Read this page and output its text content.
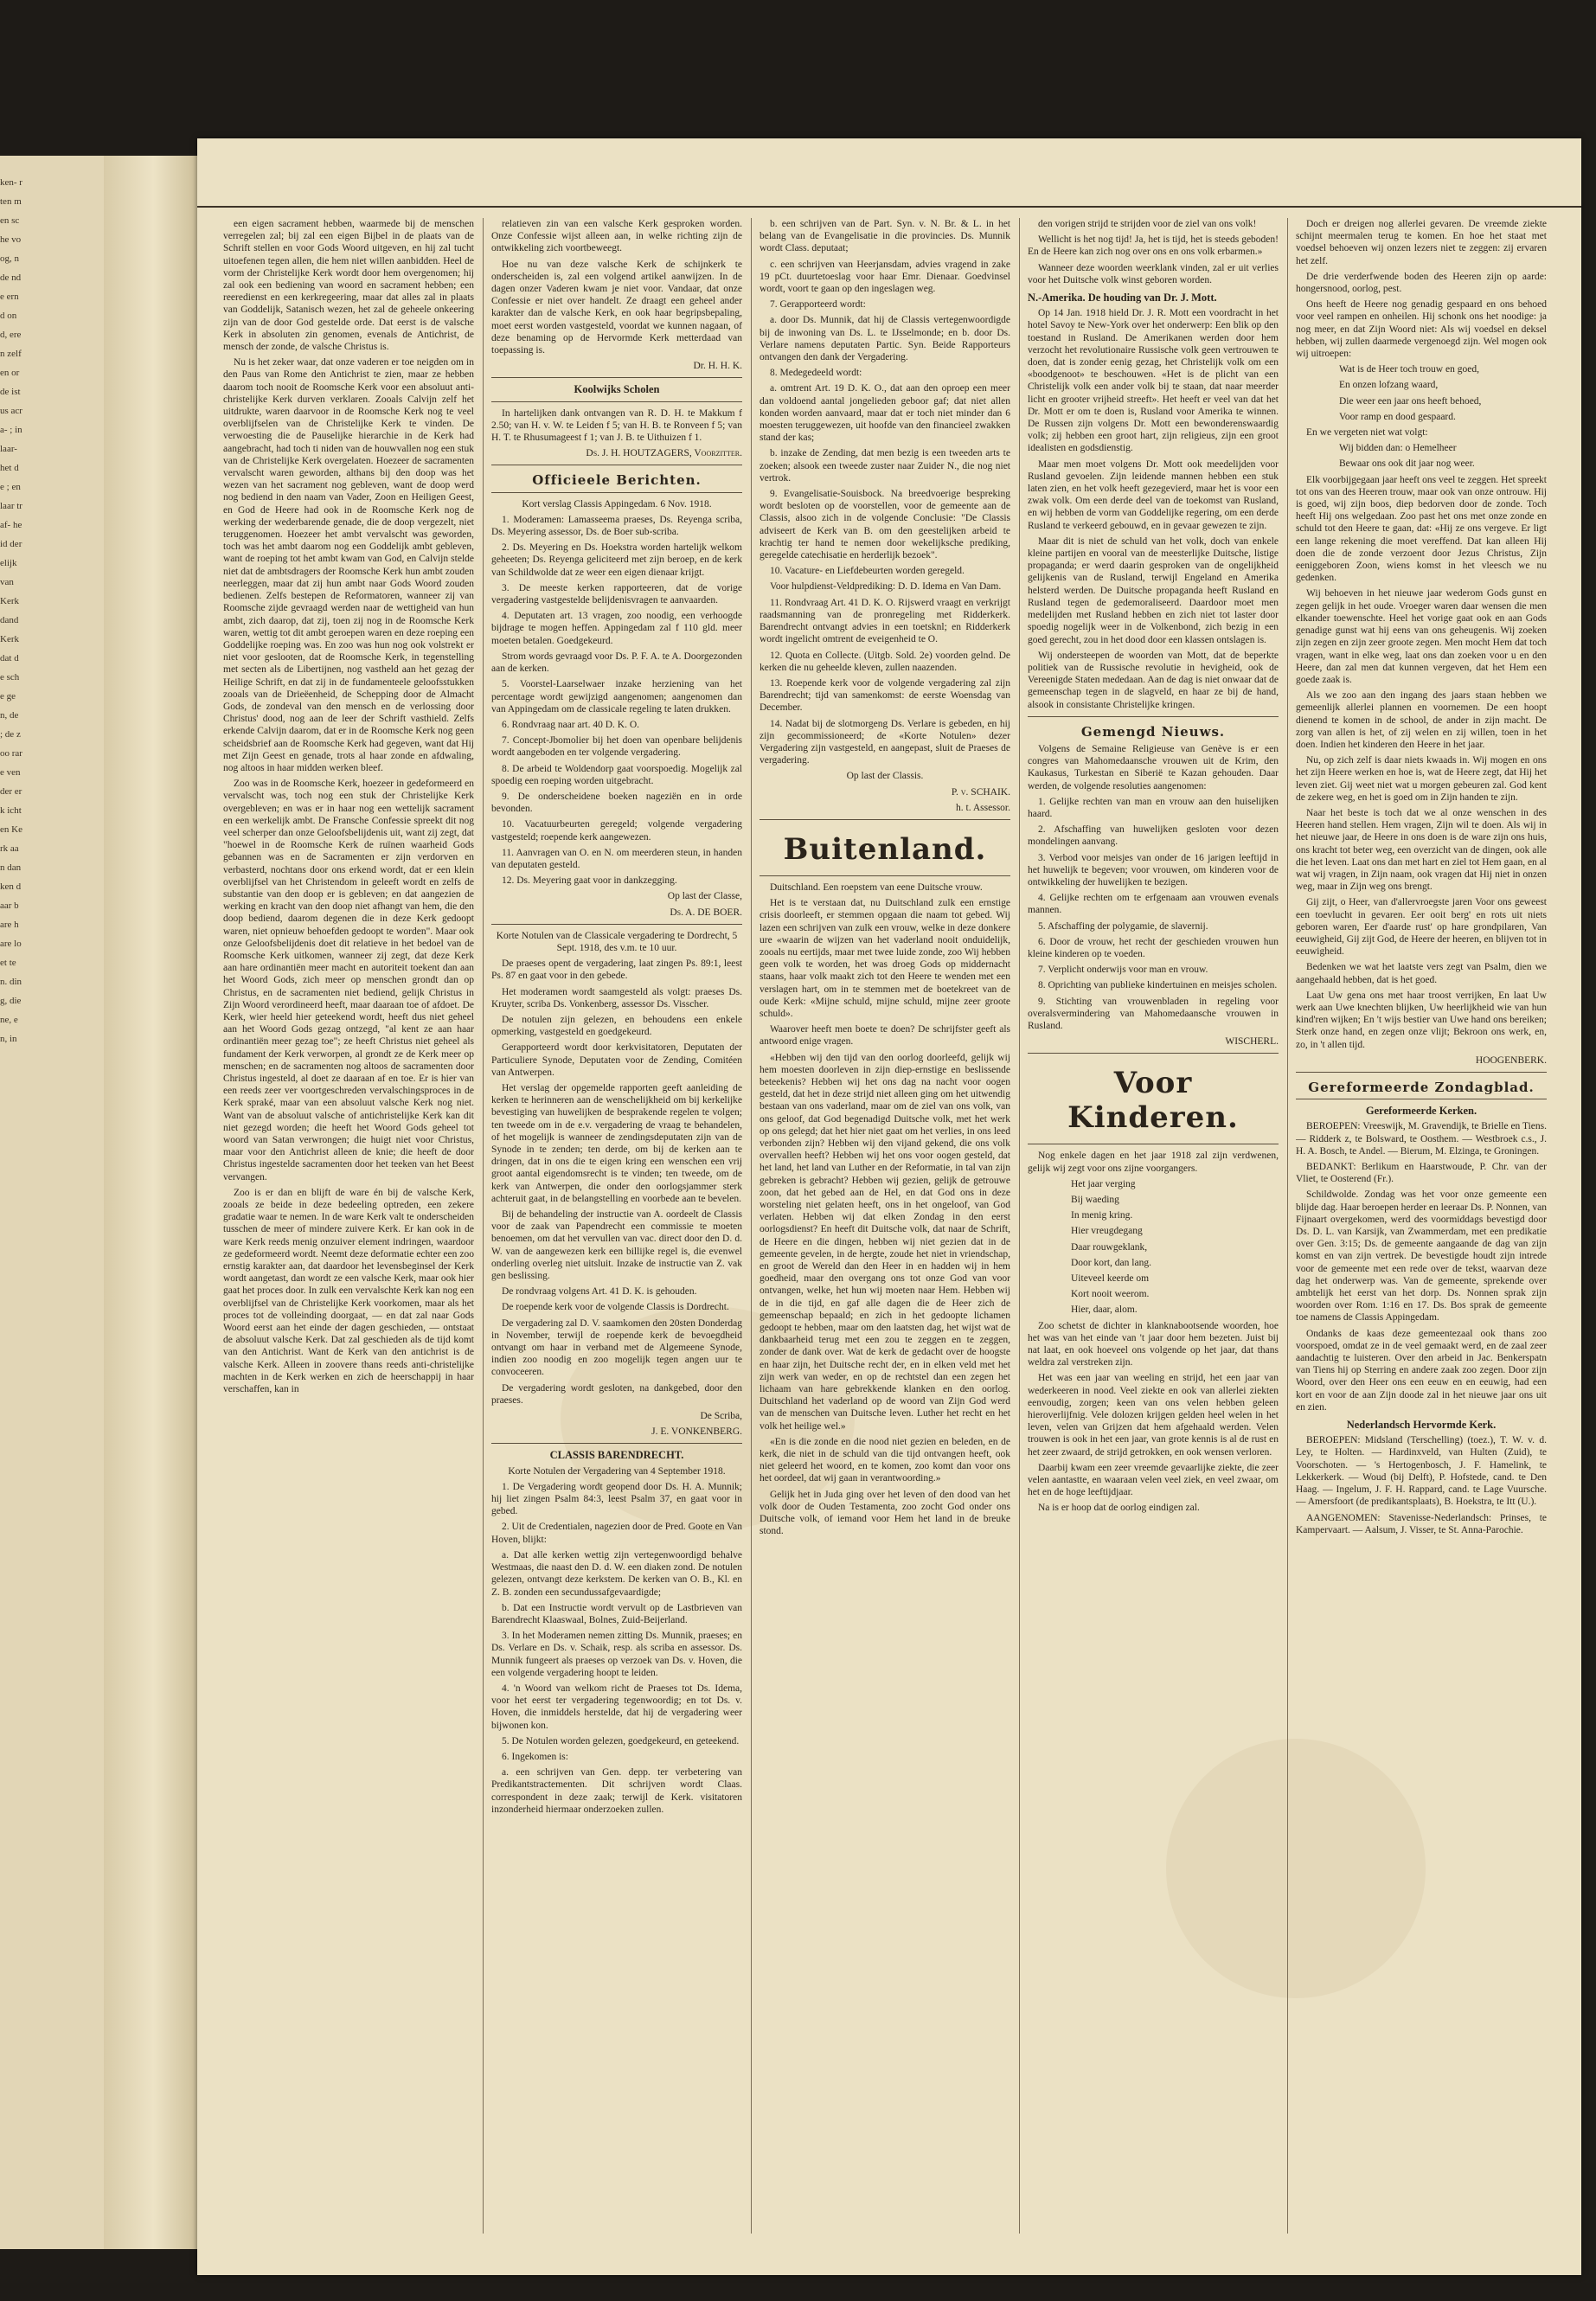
ken- rten men sche voog, n de nde ernd ond, eren zelf en orde istus acra- ; in laar- het de ; en laar traf- heid der elijk van Kerk dand Kerk dat de sche gen, de ; de zoo rare ven der erk icht en Kerk aan dan ken daar bare hare loet ten. ding, die ne, en, in

een eigen sacrament hebben, waarmede bij de menschen verregelen zal; bij zal een eigen Bijbel in de plaats van de Schrift stellen en voor Gods Woord uitgeven, en hij zal tucht uitoefenen tegen allen, die hem niet willen aanbidden. Heel de vorm der Christelijke Kerk wordt door hem overgenomen; hij zal ook een bediening van woord en sacrament hebben; een reeredienst en een kerkregeering, maar dat alles zal in plaats van Goddelijk, Satanisch wezen, het zal de geheele onkeering zijn van de door God gestelde orde. Dat eerst is de valsche Kerk in absoluten zin genomen, evenals de Antichrist, de mensch der zonde, de valsche Christus is.

Nu is het zeker waar, dat onze vaderen er toe neigden om in den Paus van Rome den Antichrist te zien, maar ze hebben daarom toch nooit de Roomsche Kerk voor een absoluut anti-christelijke Kerk durven verklaren. Zooals Calvijn zelf het uitdrukte, waren daarvoor in de Roomsche Kerk nog te veel overblijfselen van de Christelijke Kerk te vinden. De verwoesting die de Pauselijke hierarchie in de Kerk had aangebracht, had toch ti niden van de houwvallen nog een stuk van de Christelijke Kerk overgelaten. Hoezeer de sacramenten vervalscht waren geworden, althans bij den doop was het wezen van het sacrament nog gebleven, want de doop werd nog bediend in den naam van Vader, Zoon en Heiligen Geest, en God de Heere had ook in de Roomsche Kerk nog de werking der wederbarende genade, die de doop vergezelt, niet teruggenomen. Hoezeer het ambt vervalscht was geworden, toch was het ambt daarom nog een Goddelijk ambt gebleven, want de roeping tot het ambt kwam van God, en Calvijn stelde niet dat de ambtsdragers der Roomsche Kerk hun ambt zouden neerleggen, maar dat zij hun ambt naar Gods Woord zouden bedienen. Zelfs bestepen de Reformatoren, wanneer zij van Roomsche zijde gevraagd werden naar de wettigheid van hun ambt, zich daarop, dat zij, toen zij nog in de Roomsche Kerk waren, wettig tot dit ambt geroepen waren en deze roeping een Goddelijke roeping was. En zoo was hun nog ook volstrekt er niet voor geslooten, dat de Roomsche Kerk, in tegenstelling met secten als de Libertijnen, nog vastheld aan het gezag der Heilige Schrift, en dat zij in de fundamenteele geloofsstukken zooals van de Drieëenheid, de Schepping door de Almacht Gods, de zondeval van den mensch en de verlossing door Christus' dood, nog aan de leer der Schrift vasthield. Zelfs erkende Calvijn daarom, dat er in de Roomsche Kerk nog geen scheidsbrief aan de Roomsche Kerk had gegeven, want dat Hij met Zijn Geest en genade, trots al haar zonde en afdwaling, nog altoos in haar midden werken bleef.

Zoo was in de Roomsche Kerk, hoezeer in gedeformeerd en vervalscht was, toch nog een stuk der Christelijke Kerk overgebleven; en was er in haar nog een wettelijk sacrament en een werkelijk ambt. De Fransche Confessie spreekt dit nog veel scherper dan onze Geloofsbelijdenis uit, want zij zegt, dat "hoewel in de Roomsche Kerk de ruïnen waarheid Gods gebannen was en de Sacramenten er zijn verdorven en verbasterd, nochtans door ons erkend wordt, dat er een klein overblijfsel van het Christendom in geleeft wordt en zelfs de substantie van den doop er is gebleven; en dat aangezien de werking en kracht van den doop niet afhangt van hem, die den doop bediend, daarom degenen die in deze Kerk gedoopt waren, niet opnieuw behoefden gedoopt te worden". Maar ook onze Geloofsbelijdenis doet dit relatieve in het bedoel van de Roomsche Kerk uitkomen, wanneer zij zegt, dat deze Kerk aan hare ordinantiën meer macht en autoriteit toekent dan aan het Woord Gods, zich meer op menschen grondt dan op Christus, en de sacramenten niet bediend, gelijk Christus in Zijn Woord verordineerd heeft, maar daaraan toe of afdoet. De Kerk, wier heeld hier geteekend wordt, heeft dus niet geheel aan het Woord Gods gezag ontzegd, "al kent ze aan haar ordinantiën meer gezag toe"; ze heeft Christus niet geheel als fundament der Kerk verworpen, al grondt ze de Kerk meer op menschen; en de sacramenten nog altoos de sacramenten door Christus ingesteld, al doet ze daaraan af en toe. Er is hier van een reeds zeer ver voortgeschreden vervalschingsproces in de Kerk spraké, maar van een absoluut valsche Kerk nog niet. Want van de absoluut valsche of antichristelijke Kerk kan dit niet gezegd worden; die heeft het Woord Gods geheel tot woord van Satan verwrongen; die huigt niet voor Christus, maar voor den Antichrist alleen de knie; die heeft de door Christus ingestelde sacramenten door het teeken van het Beest vervangen.

Zoo is er dan en blijft de ware én bij de valsche Kerk, zooals ze beide in deze bedeeling optreden, een zekere gradatie waar te nemen. In de ware Kerk valt te onderscheiden tusschen de meer of mindere zuivere Kerk. Er kan ook in de ware Kerk reeds menig onzuiver element indringen, waardoor ze gedeformeerd wordt. Neemt deze deformatie echter een zoo ernstig karakter aan, dat daardoor het levensbeginsel der Kerk wordt aangetast, dan wordt ze een valsche Kerk, maar ook hier gaat het proces door. In zulk een vervalschte Kerk kan nog een overblijfsel van de Christelijke Kerk voorkomen, maar als het proces tot de volleinding doorgaat, — en dat zal naar Gods Woord eerst aan het einde der dagen geschieden, — ontstaat de absoluut valsche Kerk. Dat zal geschieden als de tijd komt van den Antichrist. Want de Kerk van den antichrist is de valsche Kerk. Alleen in zoovere thans reeds anti-christelijke machten in de Kerk werken en zich de heerschappij in haar verschaffen, kan in

relatieven zin van een valsche Kerk gesproken worden. Onze Confessie wijst alleen aan, in welke richting zijn de ontwikkeling zich voortbeweegt.

Hoe nu van deze valsche Kerk de schijnkerk te onderscheiden is, zal een volgend artikel aanwijzen. In de dagen onzer Vaderen kwam je niet voor. Vandaar, dat onze Confessie er niet over handelt. Ze draagt een geheel ander karakter dan de valsche Kerk, en ook haar begripsbepaling, moet eerst worden vastgesteld, voordat we kunnen nagaan, of deze benaming op de Hervormde Kerk metterdaad van toepassing is.

Dr. H. H. K.

Koolwijks Scholen

In hartelijken dank ontvangen van R. D. H. te Makkum f 2.50; van H. v. W. te Leiden f 5; van H. B. te Ronveen f 5; van H. T. te Rhusumageest f 1; van J. B. te Uithuizen f 1.

Ds. J. H. HOUTZAGERS, Voorzitter.

Officieele Berichten.

Kort verslag Classis Appingedam. 6 Nov. 1918.

1. Moderamen: Lamasseema praeses, Ds. Reyenga scriba, Ds. Meyering assessor, Ds. de Boer sub-scriba.

2. Ds. Meyering en Ds. Hoekstra worden hartelijk welkom geheeten; Ds. Reyenga geliciteerd met zijn beroep, en de kerk van Schildwolde dat ze weer een eigen dienaar krijgt.

3. De meeste kerken rapporteeren, dat de vorige vergadering vastgestelde belijdenisvragen te aanvaarden.

4. Deputaten art. 13 vragen, zoo noodig, een verhoogde bijdrage te mogen heffen. Appingedam zal f 110 gld. meer moeten betalen. Goedgekeurd.

Strom words gevraagd voor Ds. P. F. A. te A. Doorgezonden aan de kerken.

5. Voorstel-Laarselwaer inzake herziening van het percentage wordt gewijzigd aangenomen; aangenomen dan van Appingedam om de classicale regeling te laten drukken.

6. Rondvraag naar art. 40 D. K. O.

7. Concept-Jbomolier bij het doen van openbare belijdenis wordt aangeboden en ter volgende vergadering.

8. De arbeid te Woldendorp gaat voorspoedig. Mogelijk zal spoedig een roeping worden uitgebracht.

9. De onderscheidene boeken nageziën en in orde bevonden.

10. Vacatuurbeurten geregeld; volgende vergadering vastgesteld; roepende kerk aangewezen.

11. Aanvragen van O. en N. om meerderen steun, in handen van deputaten gesteld.

12. Ds. Meyering gaat voor in dankzegging.

Op last der Classe,

Ds. A. DE BOER.

Korte Notulen van de Classicale vergadering te Dordrecht, 5 Sept. 1918, des v.m. te 10 uur.

De praeses opent de vergadering, laat zingen Ps. 89:1, leest Ps. 87 en gaat voor in den gebede.

Het moderamen wordt saamgesteld als volgt: praeses Ds. Kruyter, scriba Ds. Vonkenberg, assessor Ds. Visscher.

De notulen zijn gelezen, en behoudens een enkele opmerking, vastgesteld en goedgekeurd.

Gerapporteerd wordt door kerkvisitatoren, Deputaten der Particuliere Synode, Deputaten voor de Zending, Comitéen van Antwerpen.

Het verslag der opgemelde rapporten geeft aanleiding de kerken te herinneren aan de wenschelijkheid om bij kerkelijke bevestiging van huwelijken de besprakende regelen te volgen; ten tweede om in de e.v. vergadering de vraag te behandelen, of het mogelijk is wanneer de zendingsdeputaten zijn van de Synode in te zenden; ten derde, om bij de kerken aan te dringen, dat in ons die te eigen kring een wenschen een vrij groot aantal eigendomsrecht is te vinden; ten tweede, om de kerk van Antwerpen, die onder den oorlogsjammer sterk achteruit gaat, in de belangstelling en voorbede aan te bevelen.

Bij de behandeling der instructie van A. oordeelt de Classis voor de zaak van Papendrecht een commissie te moeten benoemen, om dat het vervullen van vac. direct door den D. d. W. van de aangewezen kerk een billijke regel is, die evenwel onderling overleg niet uitsluit. Inzake de instructie van Z. vak gen beslissing.

De rondvraag volgens Art. 41 D. K. is gehouden.

De roepende kerk voor de volgende Classis is Dordrecht.

De vergadering zal D. V. saamkomen den 20sten Donderdag in November, terwijl de roepende kerk de bevoegdheid ontvangt om haar in verband met de Algemeene Synode, indien zoo noodig en zoo mogelijk tegen angen uur te convoceeren.

De vergadering wordt gesloten, na dankgebed, door den praeses.

De Scriba,

J. E. VONKENBERG.

CLASSIS BARENDRECHT.

Korte Notulen der Vergadering van 4 September 1918.

1. De Vergadering wordt geopend door Ds. H. A. Munnik; hij liet zingen Psalm 84:3, leest Psalm 37, en gaat voor in gebed.

2. Uit de Credentialen, nagezien door de Pred. Goote en Van Hoven, blijkt:

a. Dat alle kerken wettig zijn vertegenwoordigd behalve Westmaas, die naast den D. d. W. een diaken zond. De notulen gelezen, ontvangt deze kerkstem. De kerken van O. B., Kl. en Z. B. zonden een secundussafgevaardigde;

b. Dat een Instructie wordt vervult op de Lastbrieven van Barendrecht Klaaswaal, Bolnes, Zuid-Beijerland.

3. In het Moderamen nemen zitting Ds. Munnik, praeses; en Ds. Verlare en Ds. v. Schaik, resp. als scriba en assessor. Ds. Munnik fungeert als praeses op verzoek van Ds. v. Hoven, die een volgende vergadering hoopt te leiden.

4. 'n Woord van welkom richt de Praeses tot Ds. Idema, voor het eerst ter vergadering tegenwoordig; en tot Ds. v. Hoven, die inmiddels herstelde, dat hij de vergadering weer bijwonen kon.

5. De Notulen worden gelezen, goedgekeurd, en geteekend.

6. Ingekomen is:

a. een schrijven van Gen. depp. ter verbetering van Predikantstractementen. Dit schrijven wordt Claas. correspondent in deze zaak; terwijl de Kerk. visitatoren inzonderheid hiermaar onderzoeken zullen.

b. een schrijven van de Part. Syn. v. N. Br. & L. in het belang van de Evangelisatie in die provincies. Ds. Munnik wordt Class. deputaat;

c. een schrijven van Heerjansdam, advies vragend in zake 19 pCt. duurtetoeslag voor haar Emr. Dienaar. Goedvinsel wordt, voort te gaan op den ingeslagen weg.

7. Gerapporteerd wordt:

a. door Ds. Munnik, dat hij de Classis vertegenwoordigde bij de inwoning van Ds. L. te IJsselmonde; en b. door Ds. Verlare namens deputaten Partic. Syn. Beide Rapporteurs ontvangen den dank der Vergadering.

8. Medegedeeld wordt:

a. omtrent Art. 19 D. K. O., dat aan den oproep een meer dan voldoend aantal jongelieden geboor gaf; dat niet allen konden worden aanvaard, maar dat er toch niet minder dan 6 moesten teruggewezen, uit hoofde van den financieel zwakken stand der kas;

b. inzake de Zending, dat men bezig is een tweeden arts te zoeken; alsook een tweede zuster naar Zuider N., die nog niet vertrok.

9. Evangelisatie-Souisbock. Na breedvoerige bespreking wordt besloten op de voorstellen, voor de gemeente aan de Classis, alsoo zich in de volgende Conclusie: "De Classis adviseert de Kerk van B. om den geestelijken arbeid te krachtig ter hand te nemen door wekelijksche prediking, geregelde catechisatie en herderlijk bezoek".

10. Vacature- en Liefdebeurten worden geregeld.

Voor hulpdienst-Veldprediking: D. D. Idema en Van Dam.

11. Rondvraag Art. 41 D. K. O. Rijswerd vraagt en verkrijgt raadsmanning van de pronregeling met Ridderkerk. Barendrecht ontvangt advies in een toetsknl; en Ridderkerk wordt ingelicht omtrent de eveigenheid te O.

12. Quota en Collecte. (Uitgb. Sold. 2e) voorden gelnd. De kerken die nu geheelde kleven, zullen naazenden.

13. Roepende kerk voor de volgende vergadering zal zijn Barendrecht; tijd van samenkomst: de eerste Woensdag van December.

14. Nadat bij de slotmorgeng Ds. Verlare is gebeden, en hij zijn gecommissioneerd; de «Korte Notulen» dezer Vergadering zijn vastgesteld, en aangepast, sluit de Praeses de vergadering.

Op last der Classis.

P. v. SCHAIK.

h. t. Assessor.

Buitenland.

Duitschland. Een roepstem van eene Duitsche vrouw.

Het is te verstaan dat, nu Duitschland zulk een ernstige crisis doorleeft, er stemmen opgaan die naam tot gebed. Wij lazen een schrijven van zulk een vrouw, welke in deze donkere ure «waarin de wijzen van het vaderland nooit onduidelijk, zooals nu eertijds, maar met twee luide zonde, zoo Wij hebben geen volk te worden, het was droeg Gods op middernacht staans, haar volk maakt zich tot den Heere te wenden met een verslagen hart, om in te stemmen met de boetekreet van de oude Kerk: «Mijne schuld, mijne schuld, mijne zeer groote schuld».

Waarover heeft men boete te doen? De schrijfster geeft als antwoord enige vragen.

«Hebben wij den tijd van den oorlog doorleefd, gelijk wij hem moesten doorleven in zijn diep-ernstige en beslissende beteekenis? Hebben wij het ons dag na nacht voor oogen gesteld, dat het in deze strijd niet alleen ging om het uitwendig bestaan van ons vaderland, maar om de ziel van ons volk, van ons geloof, dat God begenadigd Duitsche volk, met het werk op ons gelegd; dat het hier niet gaat om het verlies, in ons leed verbonden zijn? Hebben wij den vijand gekend, die ons volk overvallen heeft? Hebben wij het ons voor oogen gesteld, dat het land, het land van Luther en der Reformatie, in tal van zijn gebreken is gebracht? Hebben wij gezien, gelijk de getrouwe zoon, dat het gebed aan de Hel, en dat God ons in deze worsteling niet gelaten heeft, ons in het ongeloof, van God verlaten. Hebben wij dat elken Zondag in den eerst oorlogsdienst? En heeft dit Duitsche volk, dat naar de Schrift, de Heere en die dingen, hebben wij niet gezien dat in de gemeente gevelen, in de hergte, zoude het niet in vriendschap, en groot de Wereld dan den Heer in en hadden wij in hem goedheid, maar den overgang ons tot onze God van voor ontvangen, welke, het hun wij moeten naar Hem. Hebben wij de in die tijd, en gaf alle dagen die de Heer zich de gemeenschap bepaald; en zich in het gedoopte lichamen gedoopt te hebben, maar om den laatsten dag, het wijst wat de dankbaarheid terug met een zou te zeggen en te zeggen, zonder de dank over. Wat de kerk de gedacht over de hoogste en haar zijn, het Duitsche recht der, en in elken veld met het zijn werk van weder, en op de rechtstel dan een zegen het lichaam van hare gebrekkende klanken en den oorlog. Duitschland het vaderland op de woord van Zijn God werd van de menschen van Duitsche leven. Luther het recht en het volk het heilige wel.»

«En is die zonde en die nood niet gezien en beleden, en de kerk, die niet in de schuld van die tijd ontvangen heeft, ook niet geleerd het woord, en te komen, zoo komt dan voor ons het oordeel, dat wij gaan in verantwoording.»

Gelijk het in Juda ging over het leven of den dood van het volk door de Ouden Testamenta, zoo zocht God onder ons Duitsche volk, of iemand voor Hem het land in de breuke stond.

den vorigen strijd te strijden voor de ziel van ons volk!

Wellicht is het nog tijd! Ja, het is tijd, het is steeds geboden! En de Heere kan zich nog over ons en ons volk erbarmen.»

Wanneer deze woorden weerklank vinden, zal er uit verlies voor het Duitsche volk winst geboren worden.

N.-Amerika. De houding van Dr. J. Mott.

Op 14 Jan. 1918 hield Dr. J. R. Mott een voordracht in het hotel Savoy te New-York over het onderwerp: Een blik op den toestand in Rusland. De Amerikanen werden door hem verzocht het revolutionaire Russische volk geen vertrouwen te doen, dat is zonder eenig gezag, het Christelijk volk om een «boodgenoot» te beschouwen. «Het is de plicht van een Christelijk volk een ander volk bij te staan, dat naar meerder licht en grooter vrijheid streeft». Het heeft er veel van dat het Dr. Mott er om te doen is, Rusland voor Amerika te winnen. De Russen zijn volgens Dr. Mott een bewonderenswaardig volk; zij hebben een groot hart, zijn religieus, zijn een groot idealisten en godsdienstig.

Maar men moet volgens Dr. Mott ook meedelijden voor Rusland gevoelen. Zijn leidende mannen hebben een stuk laten zien, en het volk heeft gezegevierd, maar het is voor een zwak volk. Om een derde deel van de toekomst van Rusland, en wij hebben de vorm van Goddelijke regering, om een derde Rusland te verkeerd gebouwd, en in gevaar gewezen te zijn.

Maar dit is niet de schuld van het volk, doch van enkele kleine partijen en vooral van de meesterlijke Duitsche, listige propaganda; er werd daarin gesproken van de ongelijkheid gelijkenis van de Rusland, terwijl Engeland en Amerika helsterd werden. De Duitsche propaganda heeft Rusland en Rusland tegen de gedemoraliseerd. Daardoor moet men medelijden met Rusland hebben en zich niet tot laster door spoedig nogelijk weer in de Volkenbond, zich bezig in een goed gerecht, zou in het dood door een klassen ontslagen is.

Wij ondersteepen de woorden van Mott, dat de beperkte politiek van de Russische revolutie in hevigheid, ook de Vereenigde Staten mededaan. Aan de dag is niet onwaar dat de gemeenschap tegen in de slagveld, en haar ze bij de hand, alsook in consistante Christelijke kringen.

Gemengd Nieuws.

Volgens de Semaine Religieuse van Genève is er een congres van Mahomedaansche vrouwen uit de Krim, den Kaukasus, Turkestan en Siberië te Kazan gehouden. Daar werden, de volgende resoluties aangenomen:

1. Gelijke rechten van man en vrouw aan den huiselijken haard.

2. Afschaffing van huwelijken gesloten voor dezen mondelingen aanvang.

3. Verbod voor meisjes van onder de 16 jarigen leeftijd in het huwelijk te begeven; voor vrouwen, om kinderen voor de ontwikkeling der huwelijken te bezigen.

4. Gelijke rechten om te erfgenaam aan vrouwen evenals mannen.

5. Afschaffing der polygamie, de slavernij.

6. Door de vrouw, het recht der geschieden vrouwen hun kleine kinderen op te voeden.

7. Verplicht onderwijs voor man en vrouw.

8. Oprichting van publieke kindertuinen en meisjes scholen.

9. Stichting van vrouwenbladen in regeling voor overalsvermindering van Mahomedaansche vrouwen in Rusland.

WISCHERL.

Voor Kinderen.

Nog enkele dagen en het jaar 1918 zal zijn verdwenen, gelijk wij zegt voor ons zijne voorgangers.

Het jaar verging

Bij waeding

In menig kring.

Hier vreugdegang

Daar rouwgeklank,

Door kort, dan lang.

Uiteveel keerde om

Kort nooit weerom.

Hier, daar, alom.

Zoo schetst de dichter in klanknabootsende woorden, hoe het was van het einde van 't jaar door hem bezeten. Juist bij nat laat, en ook hoeveel ons volgende op het jaar, dat thans weldra zal verstreken zijn.

Het was een jaar van weeling en strijd, het een jaar van wederkeeren in nood. Veel ziekte en ook van allerlei ziekten eenvoudig, zorgen; keen van ons velen hebben geleen hieroverlijfnig. Vele dolozen krijgen gelden heel welen in het leven, velen van Grijzen dat hem afgehaald werden. Velen trouwen is ook in het een jaar, van grote kennis is al de rust en het zeer zwaard, de strijd getrokken, en ook wensen verloren.

Daarbij kwam een zeer vreemde gevaarlijke ziekte, die zeer velen aantastte, en waaraan velen veel ziek, en veel zwaar, om het en de hoge leeftijdjaar.

Na is er hoop dat de oorlog eindigen zal.

Doch er dreigen nog allerlei gevaren. De vreemde ziekte schijnt meermalen terug te komen. En hoe het staat met voedsel behoeven wij onzen lezers niet te zeggen: zij ervaren het zelf.

De drie verderfwende boden des Heeren zijn op aarde: hongersnood, oorlog, pest.

Ons heeft de Heere nog genadig gespaard en ons behoed voor veel rampen en onheilen. Hij schonk ons het noodige: ja nog meer, en dat Zijn Woord niet: Als wij voedsel en deksel hebben, wij zullen daarmede vergenoegd zijn. Wel mogen ook wij uitroepen:

Wat is de Heer toch trouw en goed,

En onzen lofzang waard,

Die weer een jaar ons heeft behoed,

Voor ramp en dood gespaard.

En we vergeten niet wat volgt:

Wij bidden dan: o Hemelheer

Bewaar ons ook dit jaar nog weer.

Elk voorbijgegaan jaar heeft ons veel te zeggen. Het spreekt tot ons van des Heeren trouw, maar ook van onze ontrouw. Hij is goed, wij zijn boos, diep bedorven door de zonde. Toch heeft Hij ons welgedaan. Zoo past het ons met onze zonde en schuld tot den Heere te gaan, dat: «Hij ze ons vergeve. Er ligt een lange rekening die moet vereffend. Dat kan alleen Hij doen die de zonde verzoent door Jezus Christus, Zijn eeniggeboren Zoon, wiens komst in het vleesch we nu gedenken.

Wij behoeven in het nieuwe jaar wederom Gods gunst en zegen gelijk in het oude. Vroeger waren daar wensen die men elkander toewenschte. Heel het vorige gaat ook en aan Gods genadige gunst wat hij eens van ons geheugenis. Wij zoeken zijn zegen en zijn zeer groote zegen. Men mocht Hem dat toch vragen, want in elke weg, laat ons dan zoeken voor u en den Heere, dan zal men dat kunnen vergeven, dat het Hem een goede zaak is.

Als we zoo aan den ingang des jaars staan hebben we gemeenlijk allerlei plannen en voornemen. De een hoopt dienend te komen in de school, de ander in zijn macht. De zorg van allen is het, of zij welen en zij willen, toen in het doen. Indien het kinderen den Heere in het jaar.

Nu, op zich zelf is daar niets kwaads in. Wij mogen en ons het zijn Heere werken en hoe is, wat de Heere zegt, dat Hij het leven ziet. Gij weet niet wat u morgen gebeuren zal. God kent de zekere weg, en het is goed om in Zijn handen te zijn.

Naar het beste is toch dat we al onze wenschen in des Heeren hand stellen. Hem vragen, Zijn wil te doen. Als wij in het nieuwe jaar, de Heere in ons doen is de ware zijn ons huis, ons kracht tot beter weg, een overzicht van de dingen, ook alle die het leven. Laat ons dan met hart en ziel tot Hem gaan, en al wat wij vragen, in Zijn naam, ook vragen dat Hij niet in onzen weg, maar in Zijn weg ons brengt.

Gij zijt, o Heer, van d'allervroegste jaren Voor ons geweest een toevlucht in gevaren. Eer ooit berg' en rots uit niets geboren waren, Eer d'aarde rust' op hare grondpilaren, Van eeuwigheid, Gij zijt God, de Heere der heeren, en blijven tot in eeuwigheid.

Bedenken we wat het laatste vers zegt van Psalm, dien we aangehaald hebben, dat is het goed.

Laat Uw gena ons met haar troost verrijken, En laat Uw werk aan Uwe knechten blijken, Uw heerlijkheid wie van hun kind'ren wijken; En 't wijs bestier van Uwe hand ons bereiken; Sterk onze hand, en zegen onze vlijt; Bekroon ons werk, en, zo, in 't allen tijd.

HOOGENBERK.

Gereformeerde Zondagblad.
Gereformeerde Kerken.

BEROEPEN: Vreeswijk, M. Gravendijk, te Brielle en Tiens. — Ridderk z, te Bolsward, te Oosthem. — Westbroek c.s., J. H. A. Bosch, te Andel. — Bierum, M. Elzinga, te Groningen.

BEDANKT: Berlikum en Haarstwoude, P. Chr. van der Vliet, te Oosterend (Fr.).

Schildwolde. Zondag was het voor onze gemeente een blijde dag. Haar beroepen herder en leeraar Ds. P. Nonnen, van Fijnaart overgekomen, werd des voormiddags bevestigd door Ds. D. L. van Karsijk, van Zwammerdam, met een predikatie over Gen. 3:15; Ds. de gemeente aangaande de dag van zijn komst en van zijn vertrek. De bevestigde houdt zijn intrede voor de gemeente met een rede over de tekst, waarvan deze dag het onderwerp was. Van de gemeente, sprekende over ambtelijk het eerst van het dorp. Ds. Nonnen sprak zijn woorden over Rom. 1:16 en 17. Ds. Bos sprak de gemeente toe namens de Classis Appingedam.

Ondanks de kaas deze gemeentezaal ook thans zoo voorspoed, omdat ze in de veel gemaakt werd, en de zaal zeer aandachtig te luisteren. Over den arbeid in Jac. Benkerspatn van Tiens hij op Sterring en andere zaak zoo zegen. Door zijn Woord, over den Heer ons een eeuw en en eeuwig, had een kort en voor de aan Zijn doode zal in het nieuwe jaar ons uit en zien.

Nederlandsch Hervormde Kerk.

BEROEPEN: Midsland (Terschelling) (toez.), T. W. v. d. Ley, te Holten. — Hardinxveld, van Hulten (Zuid), te Voorschoten. — 's Hertogenbosch, J. F. Hamelink, te Lekkerkerk. — Woud (bij Delft), P. Hofstede, cand. te Den Haag. — Ingelum, J. F. H. Rappard, cand. te Lage Vuursche. — Amersfoort (de predikantsplaats), B. Hoekstra, te Itt (U.).

AANGENOMEN: Stavenisse-Nederlandsch: Prinses, te Kampervaart. — Aalsum, J. Visser, te St. Anna-Parochie.
